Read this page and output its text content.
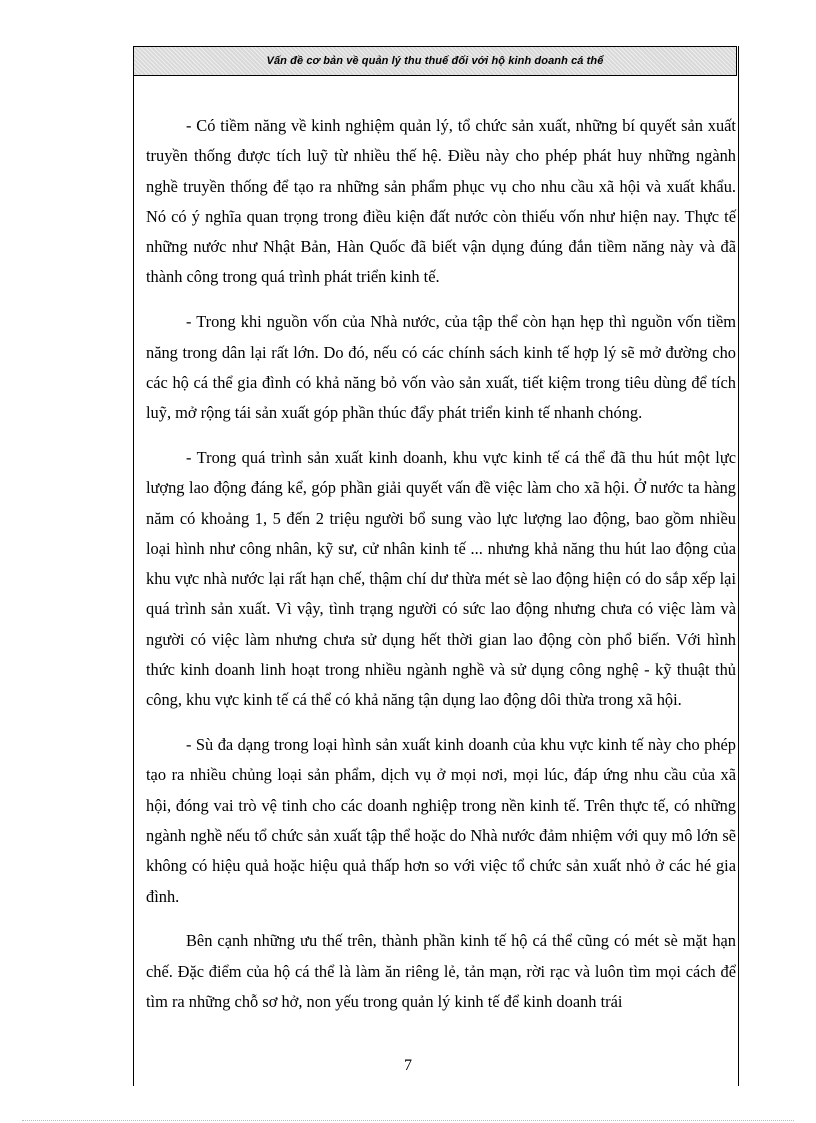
Vấn đề cơ bản về quản lý thu thuế đối với hộ kinh doanh cá thể

- Có tiềm năng về kinh nghiệm quản lý, tổ chức sản xuất, những bí quyết sản xuất truyền thống được tích luỹ từ nhiều thế hệ. Điều này cho phép phát huy những ngành nghề truyền thống để tạo ra những sản phẩm phục vụ cho nhu cầu xã hội và xuất khẩu. Nó có ý nghĩa quan trọng trong điều kiện đất nước còn thiếu vốn như hiện nay. Thực tế những nước như Nhật Bản, Hàn Quốc đã biết vận dụng đúng đắn tiềm năng này và đã thành công trong quá trình phát triển kinh tế.

- Trong khi nguồn vốn của Nhà nước, của tập thể còn hạn hẹp thì nguồn vốn tiềm năng trong dân lại rất lớn. Do đó, nếu có các chính sách kinh tế hợp lý sẽ mở đường cho các hộ cá thể gia đình có khả năng bỏ vốn vào sản xuất, tiết kiệm trong tiêu dùng để tích luỹ, mở rộng tái sản xuất góp phần thúc đẩy phát triển kinh tế nhanh chóng.

- Trong quá trình sản xuất kinh doanh, khu vực kinh tế cá thể đã thu hút một lực lượng lao động đáng kể, góp phần giải quyết vấn đề việc làm cho xã hội. Ở nước ta hàng năm có khoảng 1, 5 đến 2 triệu người bổ sung vào lực lượng lao động, bao gồm nhiều loại hình như công nhân, kỹ sư, cử nhân kinh tế ... nhưng khả năng thu hút lao động của khu vực nhà nước lại rất hạn chế, thậm chí dư thừa mét sè lao động hiện có do sắp xếp lại quá trình sản xuất. Vì vậy, tình trạng người có sức lao động nhưng chưa có việc làm và người có việc làm nhưng chưa sử dụng hết thời gian lao động còn phổ biến. Với hình thức kinh doanh linh hoạt trong nhiều ngành nghề và sử dụng công nghệ - kỹ thuật thủ công, khu vực kinh tế cá thể có khả năng tận dụng lao động dôi thừa trong xã hội.

- Sù đa dạng trong loại hình sản xuất kinh doanh của khu vực kinh tế này cho phép tạo ra nhiều chủng loại sản phẩm, dịch vụ ở mọi nơi, mọi lúc, đáp ứng nhu cầu của xã hội, đóng vai trò vệ tinh cho các doanh nghiệp trong nền kinh tế. Trên thực tế, có những ngành nghề nếu tổ chức sản xuất tập thể hoặc do Nhà nước đảm nhiệm với quy mô lớn sẽ không có hiệu quả hoặc hiệu quả thấp hơn so với việc tổ chức sản xuất nhỏ ở các hé gia đình.

Bên cạnh những ưu thế trên, thành phần kinh tế hộ cá thể cũng có mét sè mặt hạn chế. Đặc điểm của hộ cá thể là làm ăn riêng lẻ, tản mạn, rời rạc và luôn tìm mọi cách để tìm ra những chỗ sơ hở, non yếu trong quản lý kinh tế để kinh doanh trái

7
